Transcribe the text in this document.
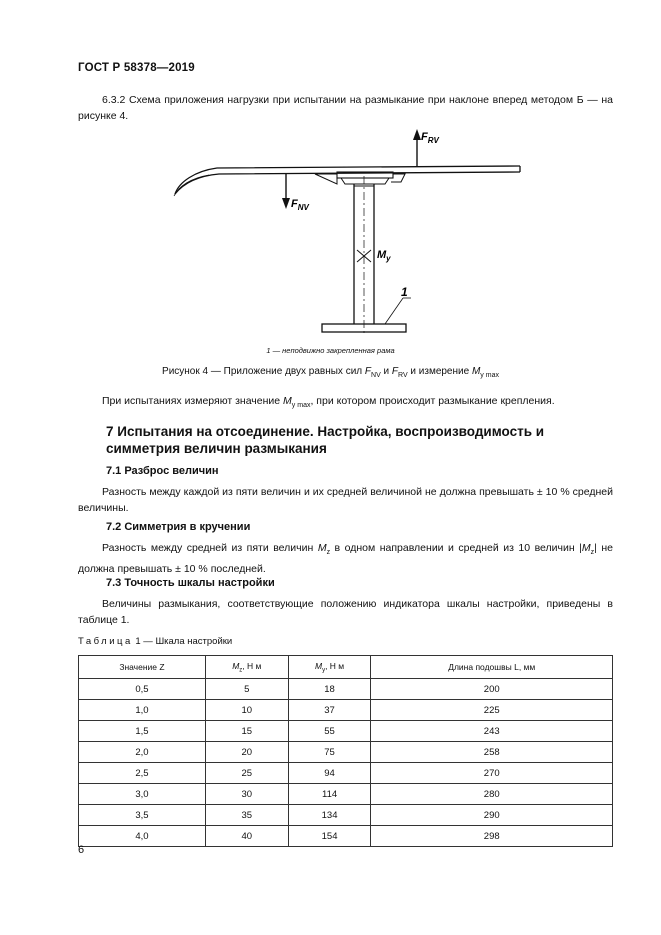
ГОСТ Р 58378—2019
6.3.2 Схема приложения нагрузки при испытании на размыкание при наклоне вперед методом Б — на рисунке 4.
$F_{RV}$
$F_{NV}$
$M_y$
1
1 — неподвижно закрепленная рама
Рисунок 4 — Приложение двух равных сил $F_{NV}$ и $F_{RV}$ и измерение $M_{y max}$
При испытаниях измеряют значение $M_{y max}$, при котором происходит размыкание крепления.
7 Испытания на отсоединение. Настройка, воспроизводимость и симметрия величин размыкания
7.1 Разброс величин
Разность между каждой из пяти величин и их средней величиной не должна превышать ± 10 % средней величины.
7.2 Симметрия в кручении
Разность между средней из пяти величин $M_z$ в одном направлении и средней из 10 величин $|M_z|$ не должна превышать ± 10 % последней.
7.3 Точность шкалы настройки
Величины размыкания, соответствующие положению индикатора шкалы настройки, приведены в таблице 1.
Таблица 1 — Шкала настройки
Значение Z	$M_z$, Н м	$M_y$, Н м	Длина подошвы L, мм
0,5	5	18	200
1,0	10	37	225
1,5	15	55	243
2,0	20	75	258
2,5	25	94	270
3,0	30	114	280
3,5	35	134	290
4,0	40	154	298
6
